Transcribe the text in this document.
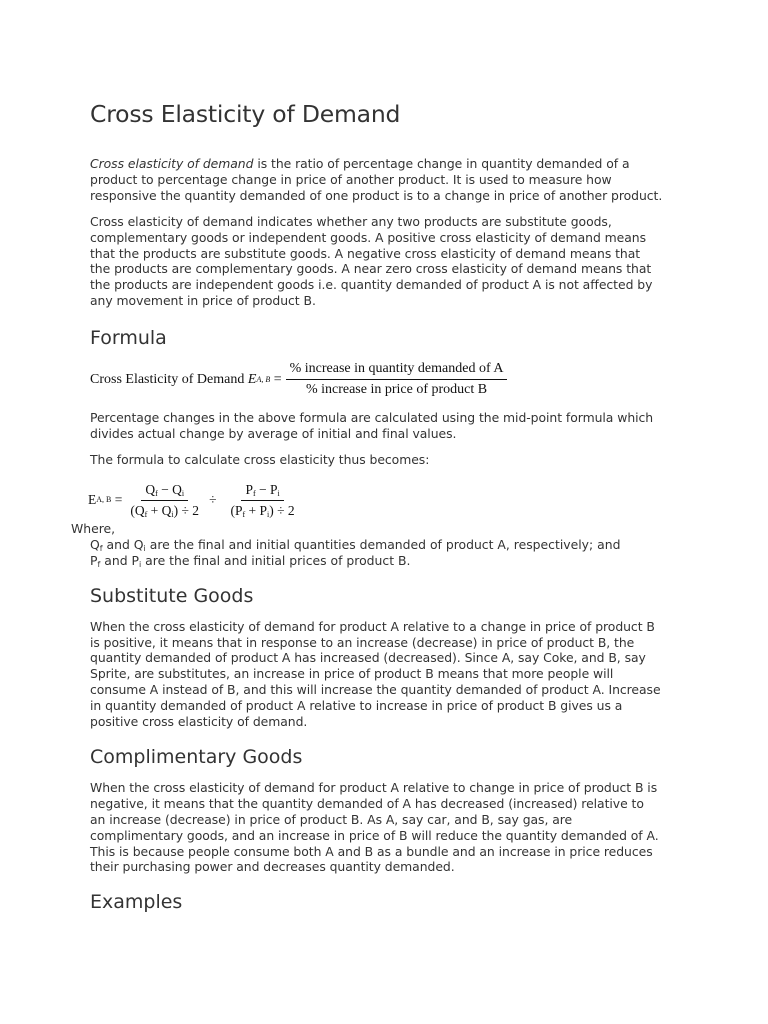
Cross Elasticity of Demand

Cross elasticity of demand is the ratio of percentage change in quantity demanded of a
product to percentage change in price of another product. It is used to measure how
responsive the quantity demanded of one product is to a change in price of another product.

Cross elasticity of demand indicates whether any two products are substitute goods,
complementary goods or independent goods. A positive cross elasticity of demand means
that the products are substitute goods. A negative cross elasticity of demand means that
the products are complementary goods. A near zero cross elasticity of demand means that
the products are independent goods i.e. quantity demanded of product A is not affected by
any movement in price of product B.

Formula
Cross Elasticity of Demand
E A, B
= $\frac{\text{\% increase in quantity demanded of A}}{\text{\% increase in price of product B}}$

Percentage changes in the above formula are calculated using the mid-point formula which
divides actual change by average of initial and final values.

The formula to calculate cross elasticity thus becomes:

E A, B
= $\frac{Q_f - Q_i}{(Q_f + Q_i) \div 2} \div \frac{P_f - P_i}{(P_f + P_i) \div 2}$
Where,
$Q_f$ and $Q_i$ are the final and initial quantities demanded of product A, respectively; and
$P_f$ and $P_i$ are the final and initial prices of product B.
Substitute Goods

When the cross elasticity of demand for product A relative to a change in price of product B
is positive, it means that in response to an increase (decrease) in price of product B, the
quantity demanded of product A has increased (decreased). Since A, say Coke, and B, say
Sprite, are substitutes, an increase in price of product B means that more people will
consume A instead of B, and this will increase the quantity demanded of product A. Increase
in quantity demanded of product A relative to increase in price of product B gives us a
positive cross elasticity of demand.

Complimentary Goods

When the cross elasticity of demand for product A relative to change in price of product B is
negative, it means that the quantity demanded of A has decreased (increased) relative to
an increase (decrease) in price of product B. As A, say car, and B, say gas, are
complimentary goods, and an increase in price of B will reduce the quantity demanded of A.
This is because people consume both A and B as a bundle and an increase in price reduces
their purchasing power and decreases quantity demanded.

Examples
